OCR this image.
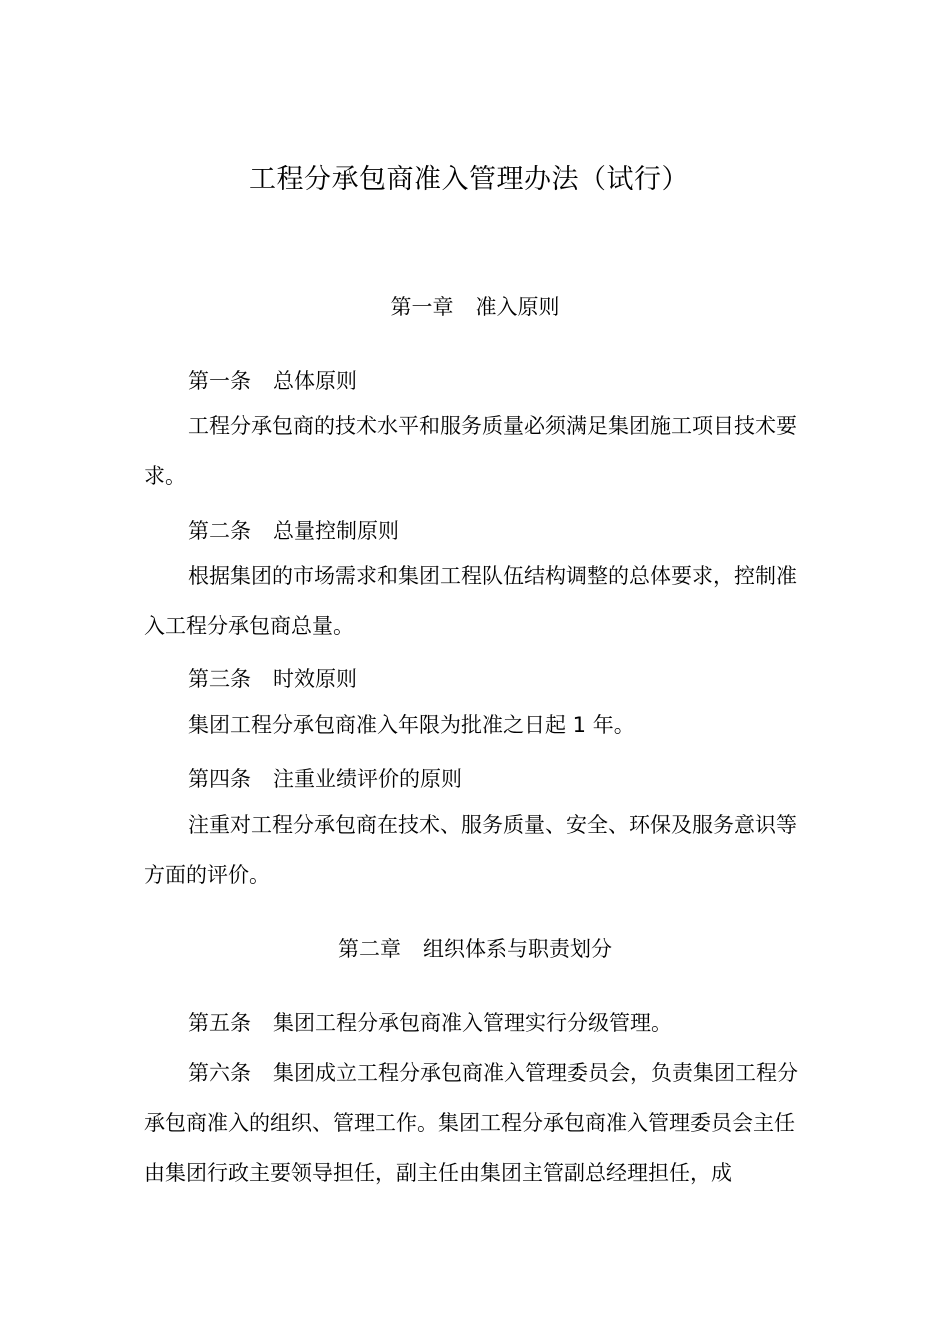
工程分承包商准入管理办法（试行）
第一章 准入原则
第一条 总体原则
工程分承包商的技术水平和服务质量必须满足集团施工项目技术要求。
第二条 总量控制原则
根据集团的市场需求和集团工程队伍结构调整的总体要求，控制准入工程分承包商总量。
第三条 时效原则
集团工程分承包商准入年限为批准之日起 1 年。
第四条 注重业绩评价的原则
注重对工程分承包商在技术、服务质量、安全、环保及服务意识等方面的评价。
第二章 组织体系与职责划分
第五条 集团工程分承包商准入管理实行分级管理。
第六条 集团成立工程分承包商准入管理委员会，负责集团工程分承包商准入的组织、管理工作。集团工程分承包商准入管理委员会主任由集团行政主要领导担任，副主任由集团主管副总经理担任，成
